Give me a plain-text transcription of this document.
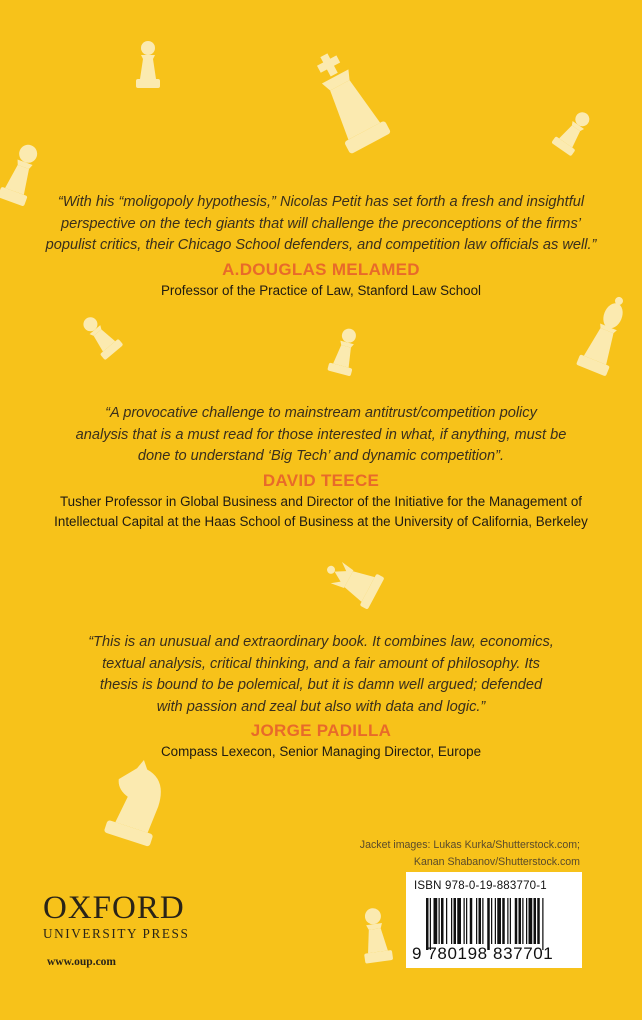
“With his “moligopoly hypothesis,” Nicolas Petit has set forth a fresh and insightful
perspective on the tech giants that will challenge the preconceptions of the firms’
populist critics, their Chicago School defenders, and competition law officials as well.”
A.DOUGLAS MELAMED
Professor of the Practice of Law, Stanford Law School
“A provocative challenge to mainstream antitrust/competition policy
analysis that is a must read for those interested in what, if anything, must be
done to understand ‘Big Tech’ and dynamic competition”.
DAVID TEECE
Tusher Professor in Global Business and Director of the Initiative for the Management of
Intellectual Capital at the Haas School of Business at the University of California, Berkeley
“This is an unusual and extraordinary book. It combines law, economics,
textual analysis, critical thinking, and a fair amount of philosophy. Its
thesis is bound to be polemical, but it is damn well argued; defended
with passion and zeal but also with data and logic.”
JORGE PADILLA
Compass Lexecon, Senior Managing Director, Europe
Jacket images: Lukas Kurka/Shutterstock.com;
Kanan Shabanov/Shutterstock.com
OXFORD
UNIVERSITY PRESS
www.oup.com
ISBN 978-0-19-883770-1
9 780198 837701
